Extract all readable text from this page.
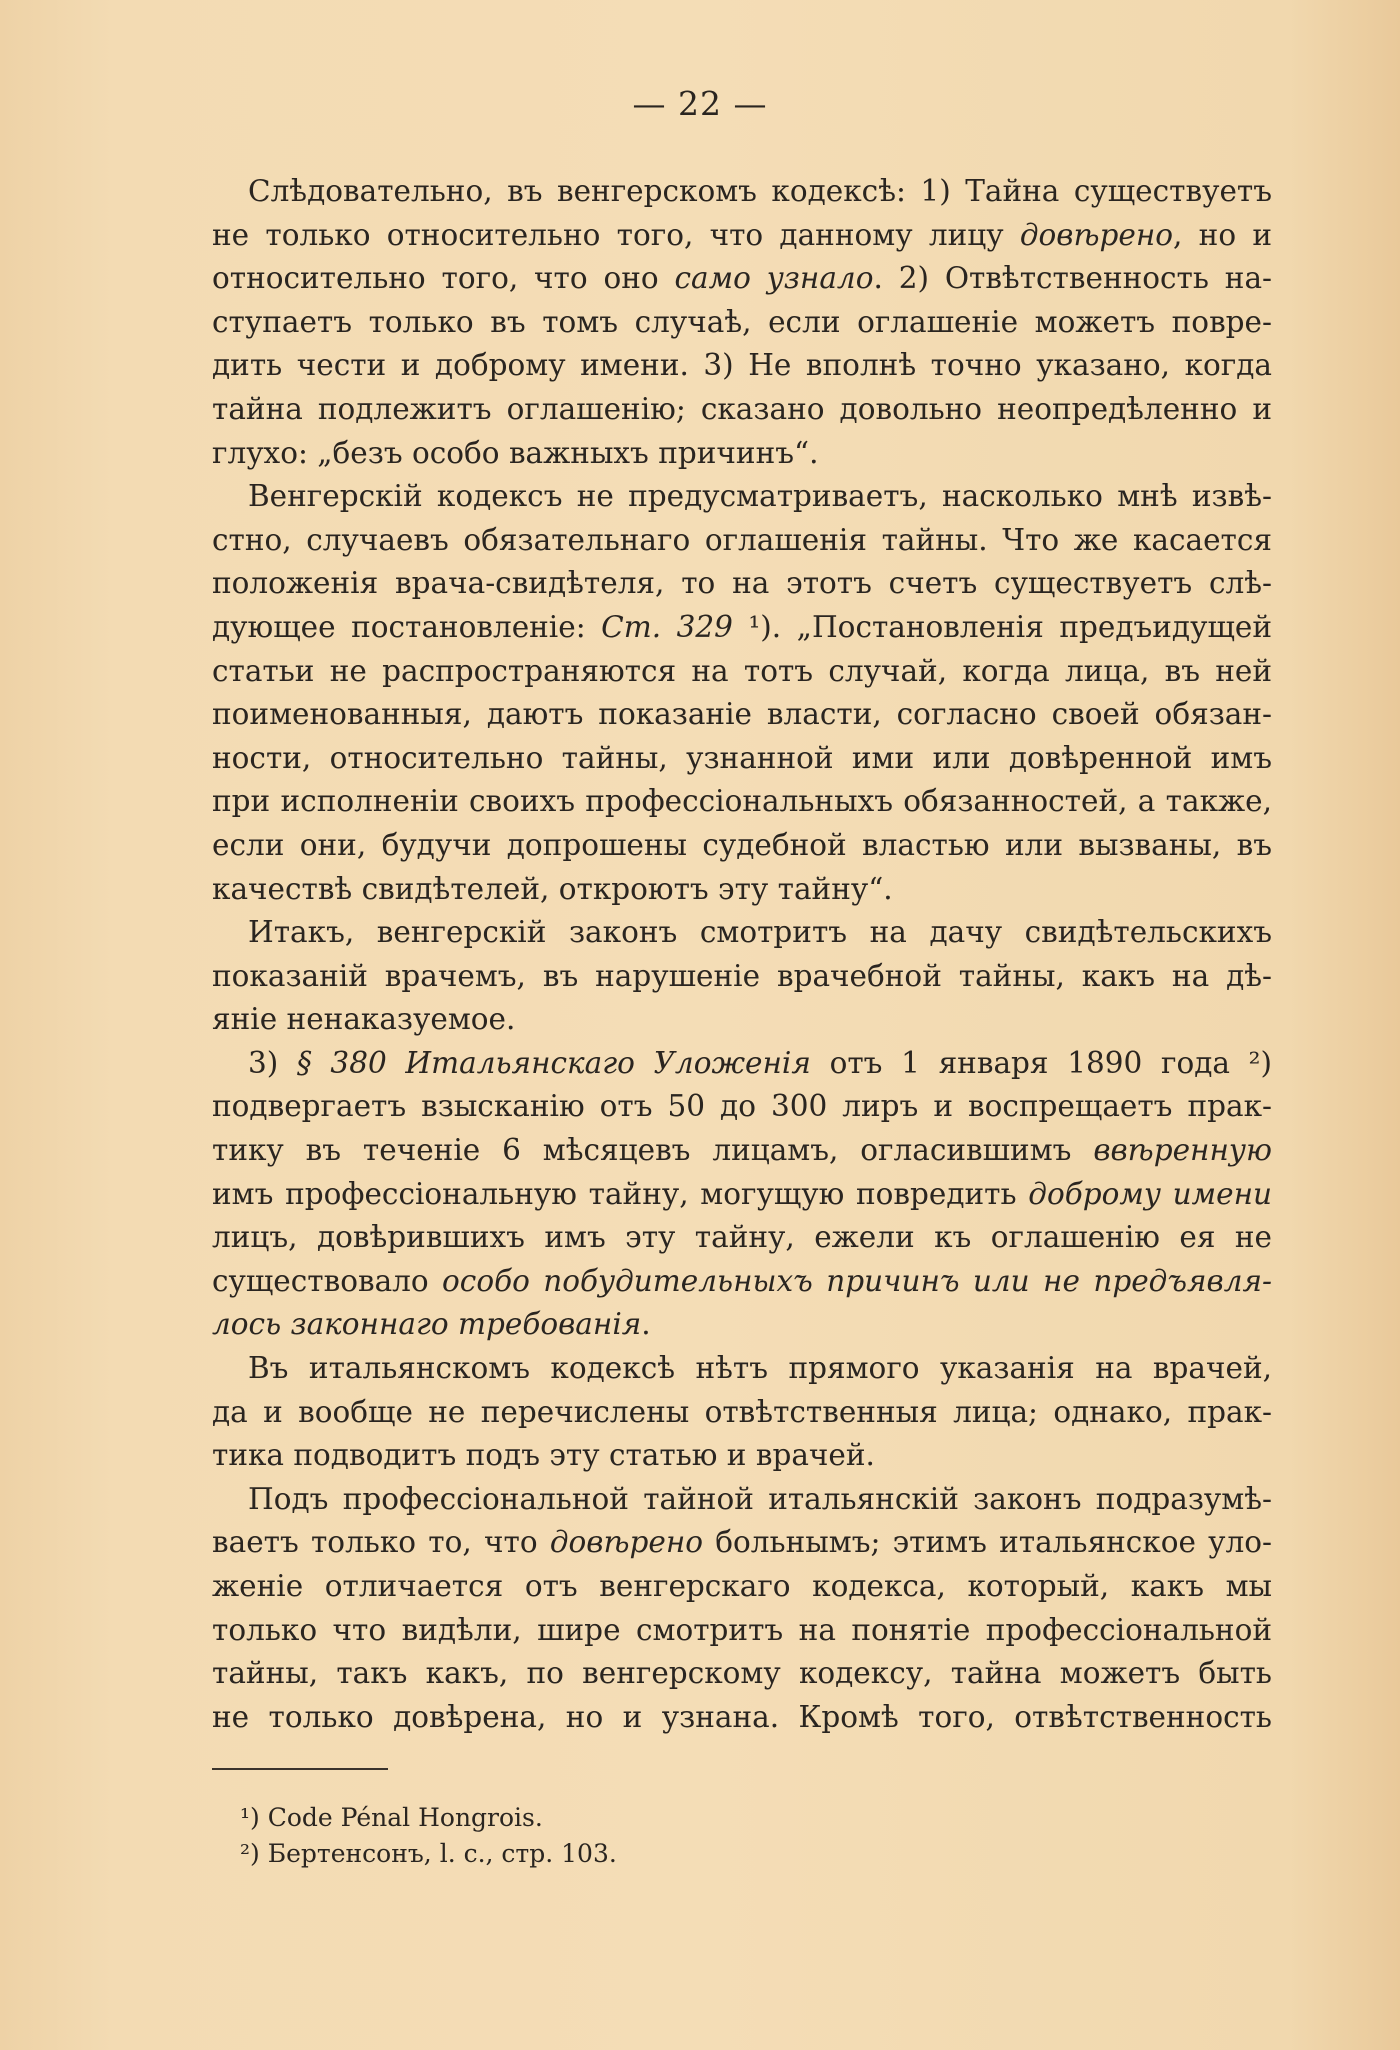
— 22 —
Слѣдовательно, въ венгерскомъ кодексѣ: 1) Тайна существуетъ
не только относительно того, что данному лицу довѣрено, но и
относительно того, что оно само узнало. 2) Отвѣтственность на-
ступаетъ только въ томъ случаѣ, если оглашеніе можетъ повре-
дить чести и доброму имени. 3) Не вполнѣ точно указано, когда
тайна подлежитъ оглашенію; сказано довольно неопредѣленно и
глухо: „безъ особо важныхъ причинъ“.
Венгерскій кодексъ не предусматриваетъ, насколько мнѣ извѣ-
стно, случаевъ обязательнаго оглашенія тайны. Что же касается
положенія врача-свидѣтеля, то на этотъ счетъ существуетъ слѣ-
дующее постановленіе: Ст. 329 ¹). „Постановленія предъидущей
статьи не распространяются на тотъ случай, когда лица, въ ней
поименованныя, даютъ показаніе власти, согласно своей обязан-
ности, относительно тайны, узнанной ими или довѣренной имъ
при исполненіи своихъ профессіональныхъ обязанностей, а также,
если они, будучи допрошены судебной властью или вызваны, въ
качествѣ свидѣтелей, откроютъ эту тайну“.
Итакъ, венгерскій законъ смотритъ на дачу свидѣтельскихъ
показаній врачемъ, въ нарушеніе врачебной тайны, какъ на дѣ-
яніе ненаказуемое.
3) § 380 Итальянскаго Уложенія отъ 1 января 1890 года ²)
подвергаетъ взысканію отъ 50 до 300 лиръ и воспрещаетъ прак-
тику въ теченіе 6 мѣсяцевъ лицамъ, огласившимъ ввѣренную
имъ профессіональную тайну, могущую повредить доброму имени
лицъ, довѣрившихъ имъ эту тайну, ежели къ оглашенію ея не
существовало особо побудительныхъ причинъ или не предъявля-
лось законнаго требованія.
Въ итальянскомъ кодексѣ нѣтъ прямого указанія на врачей,
да и вообще не перечислены отвѣтственныя лица; однако, прак-
тика подводитъ подъ эту статью и врачей.
Подъ профессіональной тайной итальянскій законъ подразумѣ-
ваетъ только то, что довѣрено больнымъ; этимъ итальянское уло-
женіе отличается отъ венгерскаго кодекса, который, какъ мы
только что видѣли, шире смотритъ на понятіе профессіональной
тайны, такъ какъ, по венгерскому кодексу, тайна можетъ быть
не только довѣрена, но и узнана. Кромѣ того, отвѣтственность
¹) Code Pénal Hongrois.
²) Бертенсонъ, l. c., стр. 103.
